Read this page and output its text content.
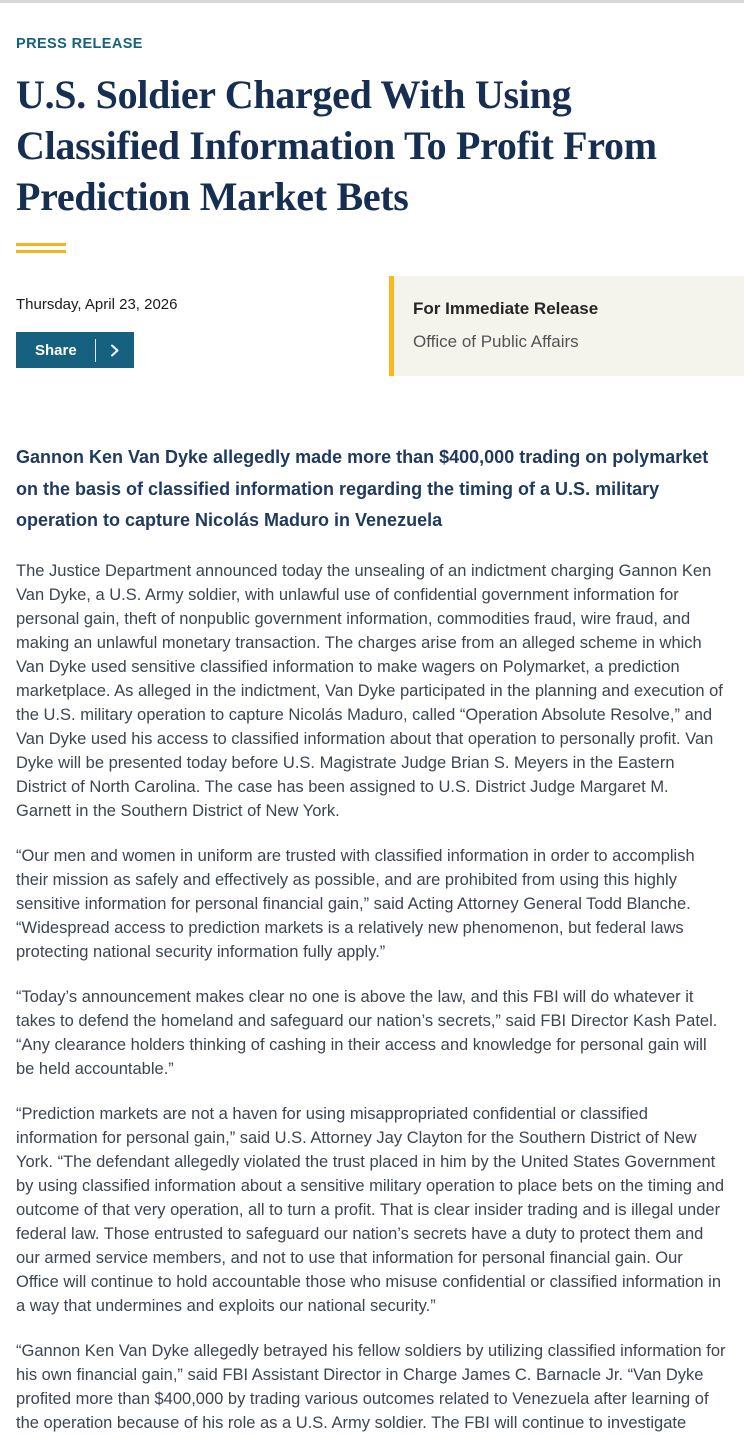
PRESS RELEASE
U.S. Soldier Charged With Using Classified Information To Profit From Prediction Market Bets
Thursday, April 23, 2026
Share
For Immediate Release
Office of Public Affairs
Gannon Ken Van Dyke allegedly made more than $400,000 trading on polymarket on the basis of classified information regarding the timing of a U.S. military operation to capture Nicolás Maduro in Venezuela

The Justice Department announced today the unsealing of an indictment charging Gannon Ken Van Dyke, a U.S. Army soldier, with unlawful use of confidential government information for personal gain, theft of nonpublic government information, commodities fraud, wire fraud, and making an unlawful monetary transaction. The charges arise from an alleged scheme in which Van Dyke used sensitive classified information to make wagers on Polymarket, a prediction marketplace. As alleged in the indictment, Van Dyke participated in the planning and execution of the U.S. military operation to capture Nicolás Maduro, called “Operation Absolute Resolve,” and Van Dyke used his access to classified information about that operation to personally profit. Van Dyke will be presented today before U.S. Magistrate Judge Brian S. Meyers in the Eastern District of North Carolina. The case has been assigned to U.S. District Judge Margaret M. Garnett in the Southern District of New York.

“Our men and women in uniform are trusted with classified information in order to accomplish their mission as safely and effectively as possible, and are prohibited from using this highly sensitive information for personal financial gain,” said Acting Attorney General Todd Blanche. “Widespread access to prediction markets is a relatively new phenomenon, but federal laws protecting national security information fully apply.”

“Today’s announcement makes clear no one is above the law, and this FBI will do whatever it takes to defend the homeland and safeguard our nation’s secrets,” said FBI Director Kash Patel. “Any clearance holders thinking of cashing in their access and knowledge for personal gain will be held accountable.”

“Prediction markets are not a haven for using misappropriated confidential or classified information for personal gain,” said U.S. Attorney Jay Clayton for the Southern District of New York. “The defendant allegedly violated the trust placed in him by the United States Government by using classified information about a sensitive military operation to place bets on the timing and outcome of that very operation, all to turn a profit. That is clear insider trading and is illegal under federal law. Those entrusted to safeguard our nation’s secrets have a duty to protect them and our armed service members, and not to use that information for personal financial gain. Our Office will continue to hold accountable those who misuse confidential or classified information in a way that undermines and exploits our national security.”

“Gannon Ken Van Dyke allegedly betrayed his fellow soldiers by utilizing classified information for his own financial gain,” said FBI Assistant Director in Charge James C. Barnacle Jr. “Van Dyke profited more than $400,000 by trading various outcomes related to Venezuela after learning of the operation because of his role as a U.S. Army soldier. The FBI will continue to investigate
